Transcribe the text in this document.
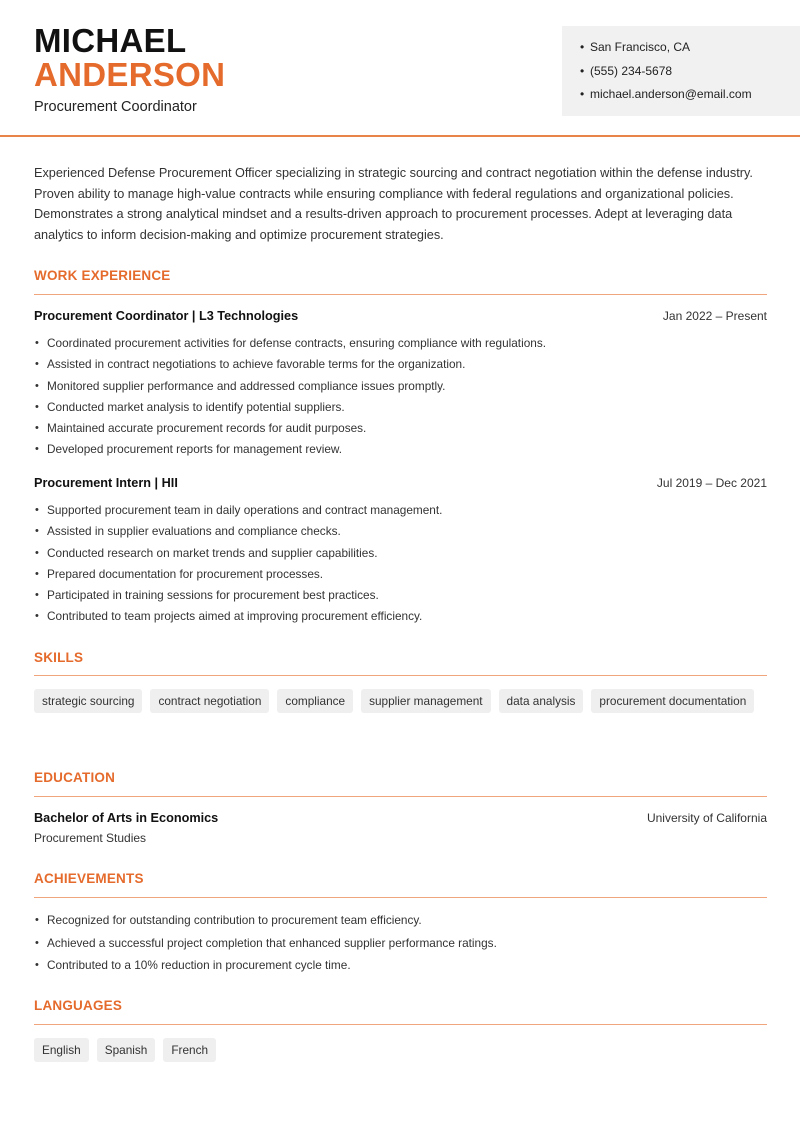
MICHAEL
ANDERSON
Procurement Coordinator
• San Francisco, CA
• (555) 234-5678
• michael.anderson@email.com
Experienced Defense Procurement Officer specializing in strategic sourcing and contract negotiation within the defense industry. Proven ability to manage high-value contracts while ensuring compliance with federal regulations and organizational policies. Demonstrates a strong analytical mindset and a results-driven approach to procurement processes. Adept at leveraging data analytics to inform decision-making and optimize procurement strategies.
WORK EXPERIENCE
Procurement Coordinator | L3 Technologies	Jan 2022 – Present
• Coordinated procurement activities for defense contracts, ensuring compliance with regulations.
• Assisted in contract negotiations to achieve favorable terms for the organization.
• Monitored supplier performance and addressed compliance issues promptly.
• Conducted market analysis to identify potential suppliers.
• Maintained accurate procurement records for audit purposes.
• Developed procurement reports for management review.
Procurement Intern | HII	Jul 2019 – Dec 2021
• Supported procurement team in daily operations and contract management.
• Assisted in supplier evaluations and compliance checks.
• Conducted research on market trends and supplier capabilities.
• Prepared documentation for procurement processes.
• Participated in training sessions for procurement best practices.
• Contributed to team projects aimed at improving procurement efficiency.
SKILLS
strategic sourcing	contract negotiation	compliance	supplier management	data analysis	procurement documentation
EDUCATION
Bachelor of Arts in Economics	University of California
Procurement Studies
ACHIEVEMENTS
• Recognized for outstanding contribution to procurement team efficiency.
• Achieved a successful project completion that enhanced supplier performance ratings.
• Contributed to a 10% reduction in procurement cycle time.
LANGUAGES
English	Spanish	French
